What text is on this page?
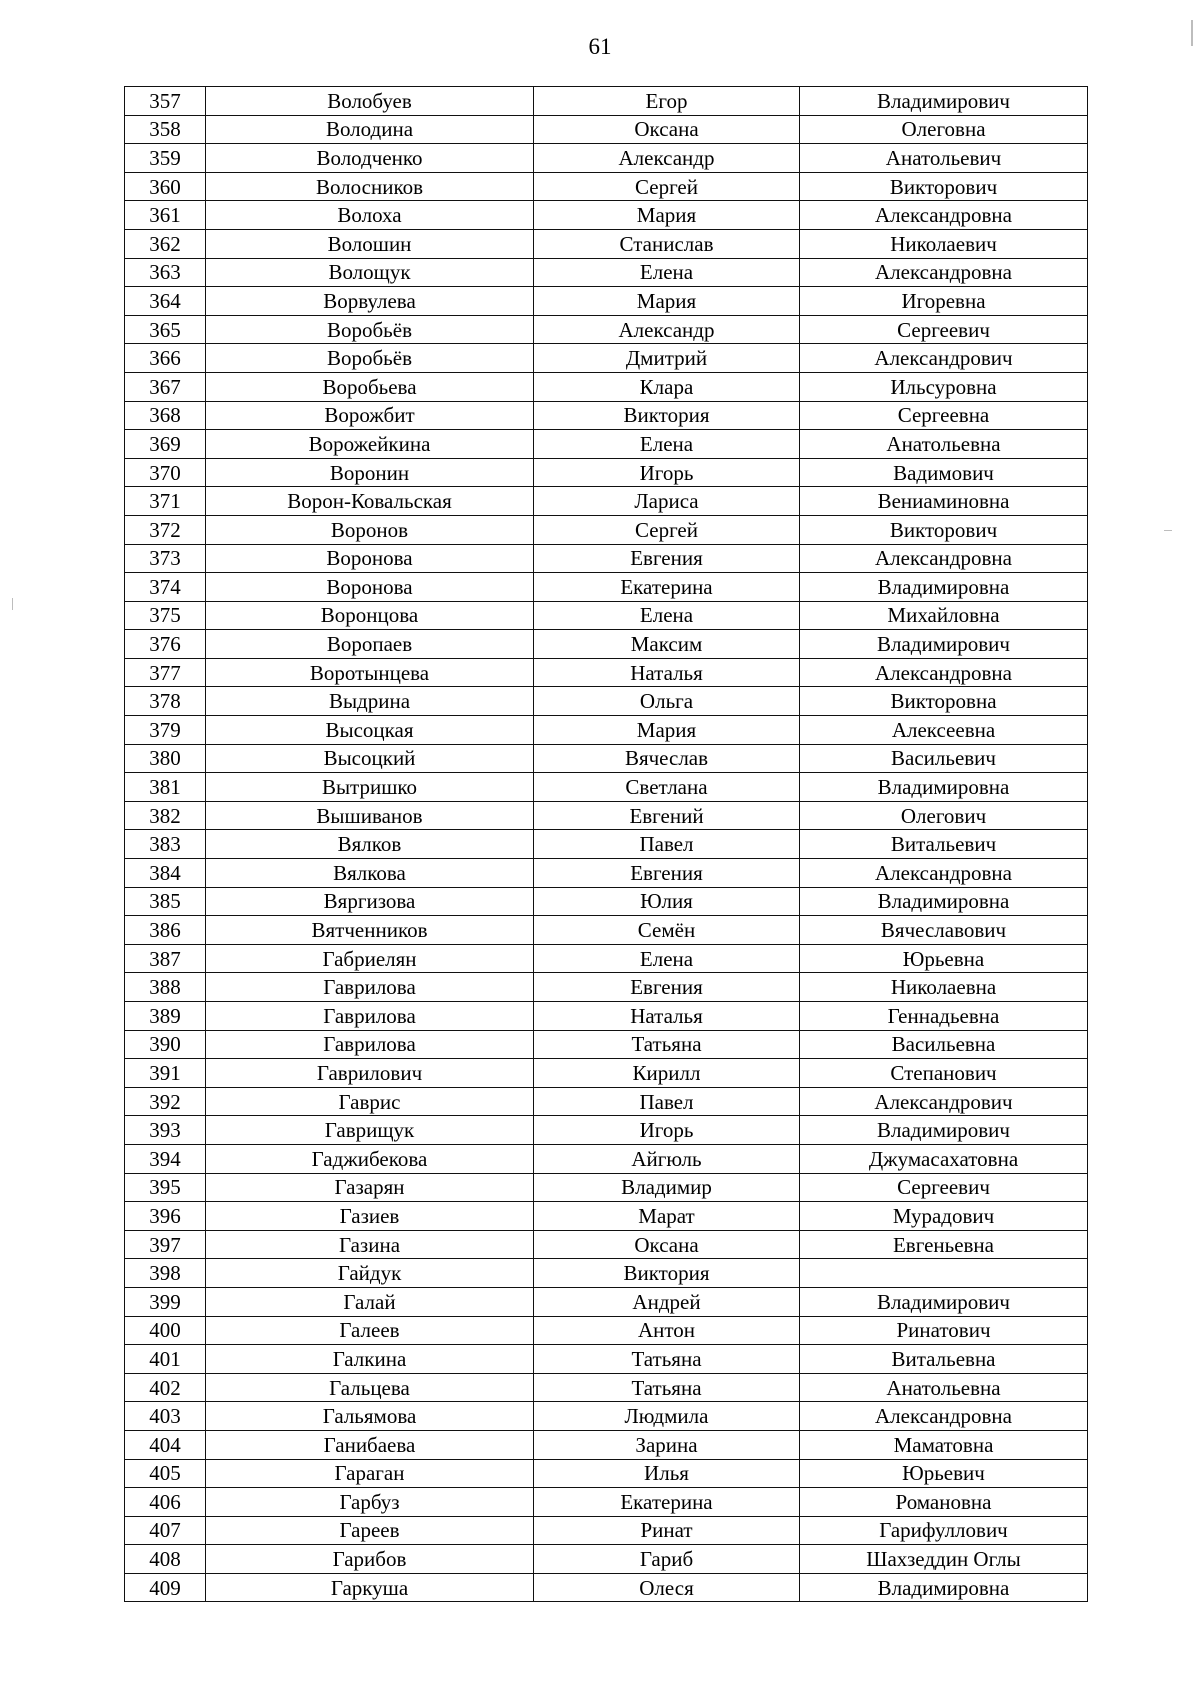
61
357	Волобуев	Егор	Владимирович
358	Володина	Оксана	Олеговна
359	Володченко	Александр	Анатольевич
360	Волосников	Сергей	Викторович
361	Волоха	Мария	Александровна
362	Волошин	Станислав	Николаевич
363	Волощук	Елена	Александровна
364	Ворвулева	Мария	Игоревна
365	Воробьёв	Александр	Сергеевич
366	Воробьёв	Дмитрий	Александрович
367	Воробьева	Клара	Ильсуровна
368	Ворожбит	Виктория	Сергеевна
369	Ворожейкина	Елена	Анатольевна
370	Воронин	Игорь	Вадимович
371	Ворон-Ковальская	Лариса	Вениаминовна
372	Воронов	Сергей	Викторович
373	Воронова	Евгения	Александровна
374	Воронова	Екатерина	Владимировна
375	Воронцова	Елена	Михайловна
376	Воропаев	Максим	Владимирович
377	Воротынцева	Наталья	Александровна
378	Выдрина	Ольга	Викторовна
379	Высоцкая	Мария	Алексеевна
380	Высоцкий	Вячеслав	Васильевич
381	Вытришко	Светлана	Владимировна
382	Вышиванов	Евгений	Олегович
383	Вялков	Павел	Витальевич
384	Вялкова	Евгения	Александровна
385	Вяргизова	Юлия	Владимировна
386	Вятченников	Семён	Вячеславович
387	Габриелян	Елена	Юрьевна
388	Гаврилова	Евгения	Николаевна
389	Гаврилова	Наталья	Геннадьевна
390	Гаврилова	Татьяна	Васильевна
391	Гаврилович	Кирилл	Степанович
392	Гаврис	Павел	Александрович
393	Гаврищук	Игорь	Владимирович
394	Гаджибекова	Айгюль	Джумасахатовна
395	Газарян	Владимир	Сергеевич
396	Газиев	Марат	Мурадович
397	Газина	Оксана	Евгеньевна
398	Гайдук	Виктория	
399	Галай	Андрей	Владимирович
400	Галеев	Антон	Ринатович
401	Галкина	Татьяна	Витальевна
402	Гальцева	Татьяна	Анатольевна
403	Гальямова	Людмила	Александровна
404	Ганибаева	Зарина	Маматовна
405	Гараган	Илья	Юрьевич
406	Гарбуз	Екатерина	Романовна
407	Гареев	Ринат	Гарифуллович
408	Гарибов	Гариб	Шахзеддин Оглы
409	Гаркуша	Олеся	Владимировна
